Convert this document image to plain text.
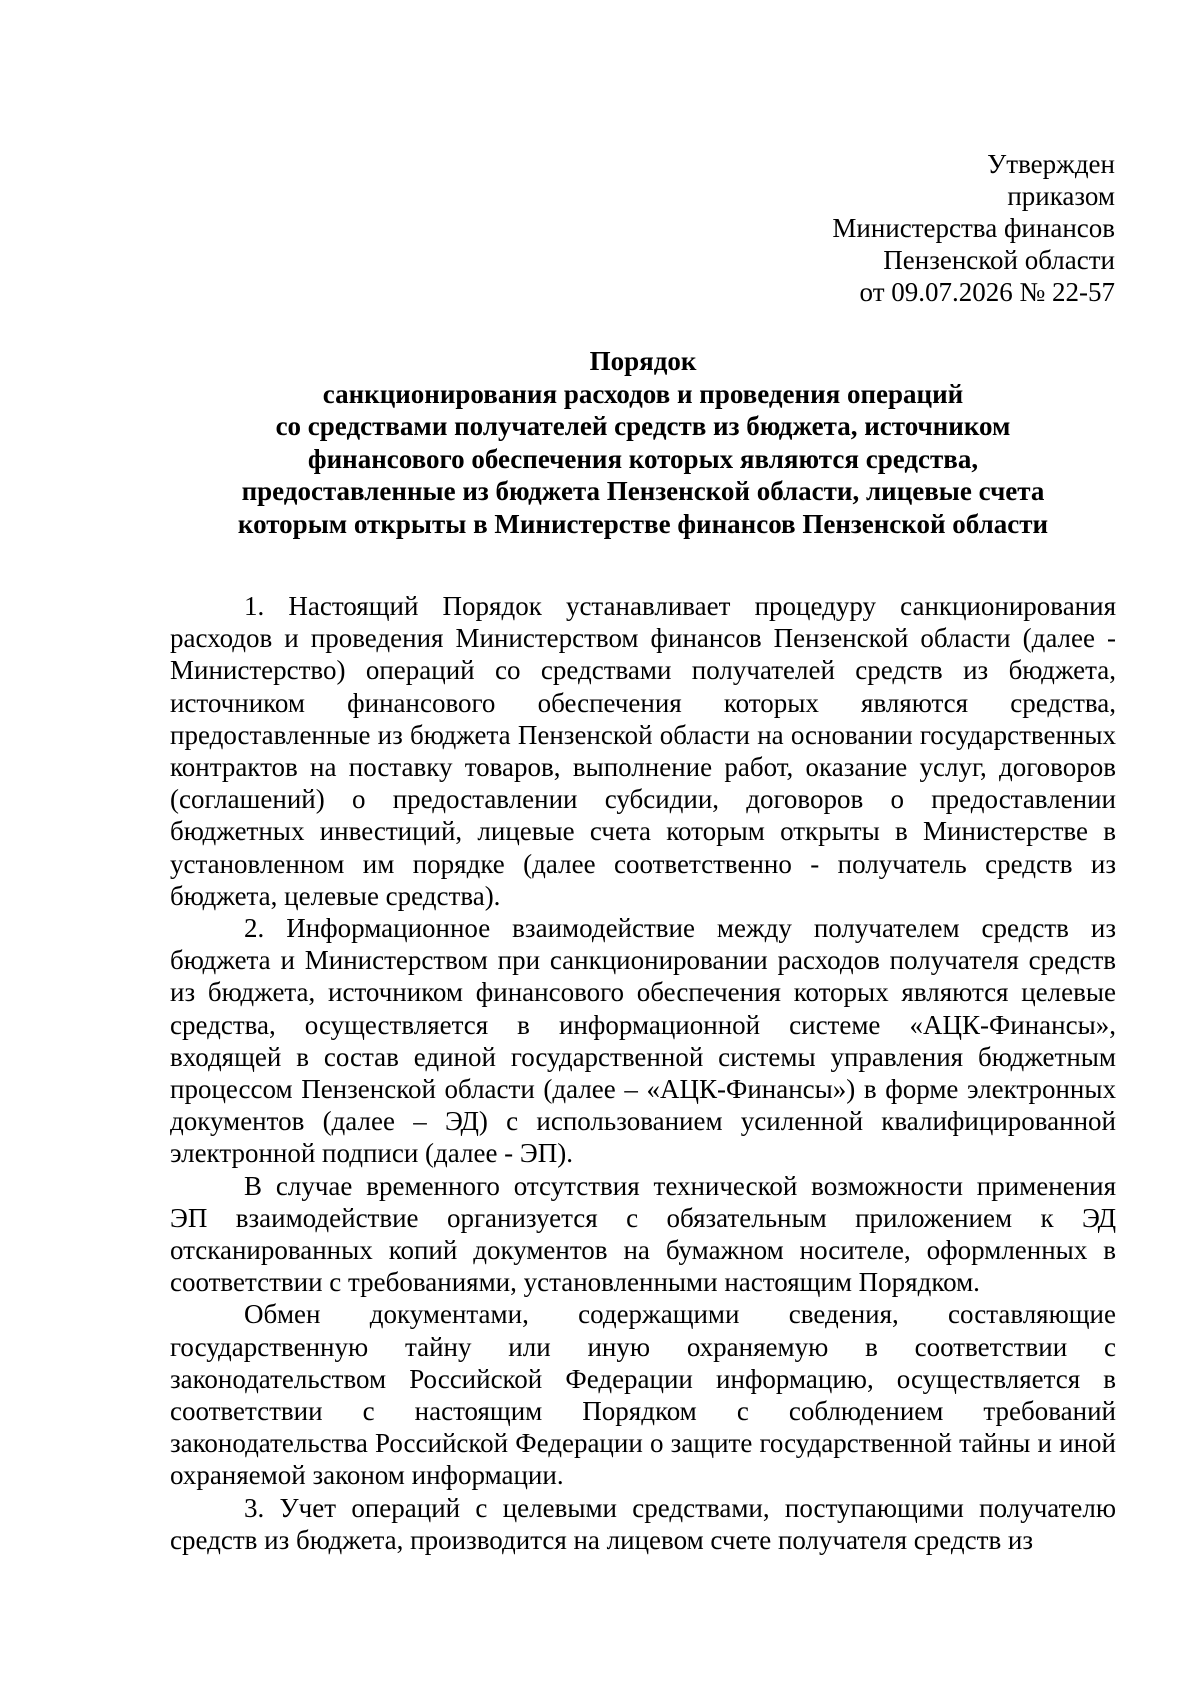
Утвержден
приказом
Министерства финансов
Пензенской области
от 09.07.2026 № 22-57
Порядок
санкционирования расходов и проведения операций
со средствами получателей средств из бюджета, источником
финансового обеспечения которых являются средства,
предоставленные из бюджета Пензенской области, лицевые счета
которым открыты в Министерстве финансов Пензенской области

1. Настоящий Порядок устанавливает процедуру санкционирования расходов и проведения Министерством финансов Пензенской области (далее - Министерство) операций со средствами получателей средств из бюджета, источником финансового обеспечения которых являются средства, предоставленные из бюджета Пензенской области на основании государственных контрактов на поставку товаров, выполнение работ, оказание услуг, договоров (соглашений) о предоставлении субсидии, договоров о предоставлении бюджетных инвестиций, лицевые счета которым открыты в Министерстве в установленном им порядке (далее соответственно - получатель средств из бюджета, целевые средства).

2. Информационное взаимодействие между получателем средств из бюджета и Министерством при санкционировании расходов получателя средств из бюджета, источником финансового обеспечения которых являются целевые средства, осуществляется в информационной системе «АЦК-Финансы», входящей в состав единой государственной системы управления бюджетным процессом Пензенской области (далее – «АЦК-Финансы») в форме электронных документов (далее – ЭД) с использованием усиленной квалифицированной электронной подписи (далее - ЭП).

В случае временного отсутствия технической возможности применения ЭП взаимодействие организуется с обязательным приложением к ЭД отсканированных копий документов на бумажном носителе, оформленных в соответствии с требованиями, установленными настоящим Порядком.

Обмен документами, содержащими сведения, составляющие государственную тайну или иную охраняемую в соответствии с законодательством Российской Федерации информацию, осуществляется в соответствии с настоящим Порядком с соблюдением требований законодательства Российской Федерации о защите государственной тайны и иной охраняемой законом информации.

3. Учет операций с целевыми средствами, поступающими получателю средств из бюджета, производится на лицевом счете получателя средств из
